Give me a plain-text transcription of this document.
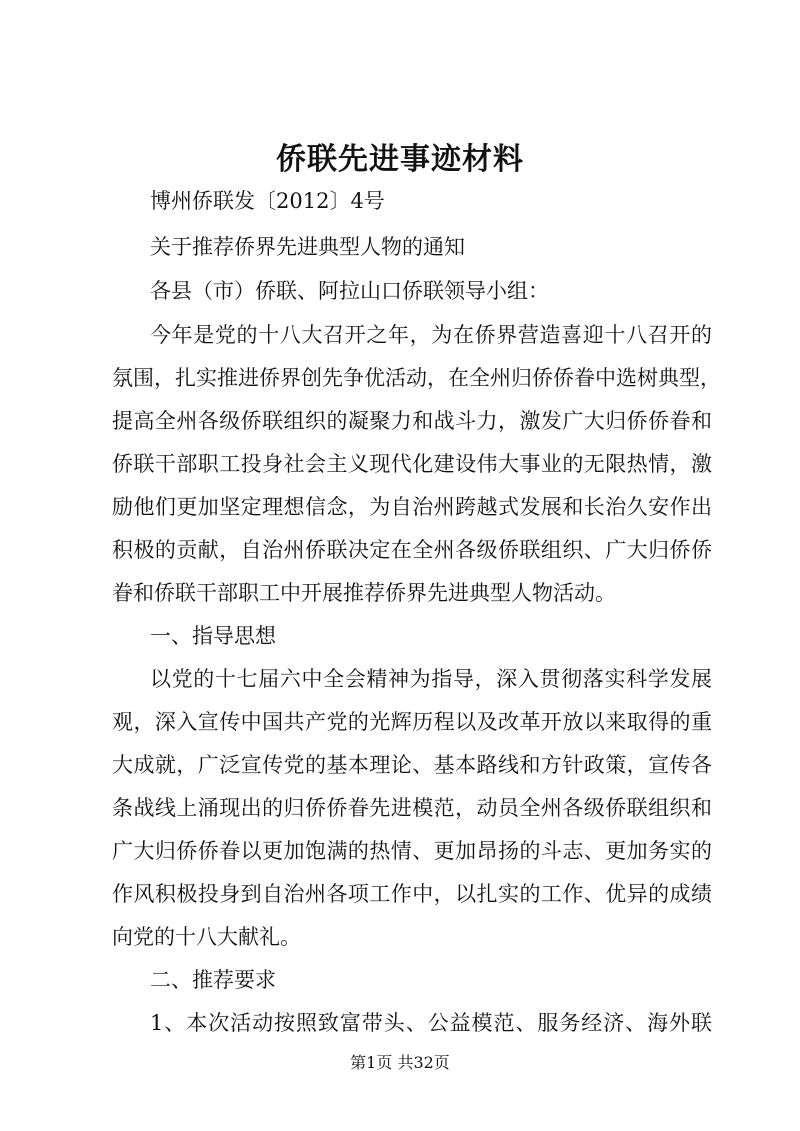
侨联先进事迹材料
博州侨联发〔2012〕4号
关于推荐侨界先进典型人物的通知
各县（市）侨联、阿拉山口侨联领导小组：
今年是党的十八大召开之年，为在侨界营造喜迎十八召开的
氛围，扎实推进侨界创先争优活动，在全州归侨侨眷中选树典型，
提高全州各级侨联组织的凝聚力和战斗力，激发广大归侨侨眷和
侨联干部职工投身社会主义现代化建设伟大事业的无限热情，激
励他们更加坚定理想信念，为自治州跨越式发展和长治久安作出
积极的贡献，自治州侨联决定在全州各级侨联组织、广大归侨侨
眷和侨联干部职工中开展推荐侨界先进典型人物活动。
一、指导思想
以党的十七届六中全会精神为指导，深入贯彻落实科学发展
观，深入宣传中国共产党的光辉历程以及改革开放以来取得的重
大成就，广泛宣传党的基本理论、基本路线和方针政策，宣传各
条战线上涌现出的归侨侨眷先进模范，动员全州各级侨联组织和
广大归侨侨眷以更加饱满的热情、更加昂扬的斗志、更加务实的
作风积极投身到自治州各项工作中，以扎实的工作、优异的成绩
向党的十八大献礼。
二、推荐要求
1、本次活动按照致富带头、公益模范、服务经济、海外联
第1页 共32页
